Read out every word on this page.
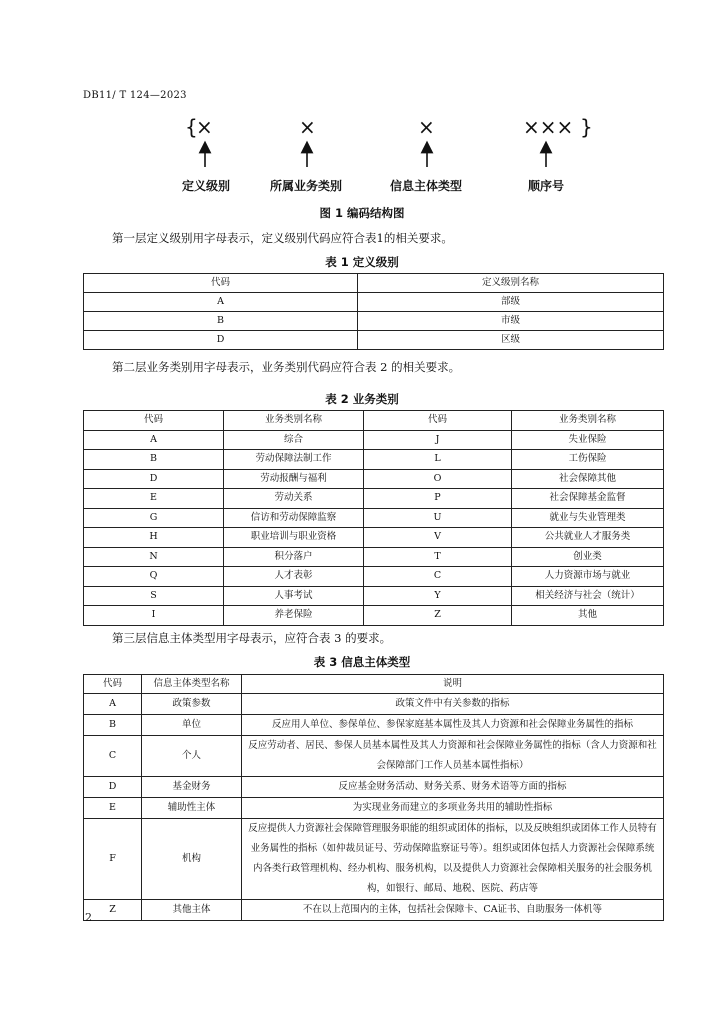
DB11/ T 124—2023
{
×	×	×	××× }
定义级别	所属业务类别	信息主体类型	顺序号
图 1 编码结构图
第一层定义级别用字母表示，定义级别代码应符合表1的相关要求。
表 1 定义级别
代码	定义级别名称
A	部级
B	市级
D	区级
第二层业务类别用字母表示，业务类别代码应符合表 2 的相关要求。
表 2 业务类别
代码	业务类别名称	代码	业务类别名称
A	综合	J	失业保险
B	劳动保障法制工作	L	工伤保险
D	劳动报酬与福利	O	社会保障其他
E	劳动关系	P	社会保障基金监督
G	信访和劳动保障监察	U	就业与失业管理类
H	职业培训与职业资格	V	公共就业人才服务类
N	积分落户	T	创业类
Q	人才表彰	C	人力资源市场与就业
S	人事考试	Y	相关经济与社会（统计）
I	养老保险	Z	其他
第三层信息主体类型用字母表示，应符合表 3 的要求。
表 3 信息主体类型
代码	信息主体类型名称	说明
A	政策参数	政策文件中有关参数的指标
B	单位	反应用人单位、参保单位、参保家庭基本属性及其人力资源和社会保障业务属性的指标
C	个人	反应劳动者、居民、参保人员基本属性及其人力资源和社会保障业务属性的指标（含人力资源和社会保障部门工作人员基本属性指标）
D	基金财务	反应基金财务活动、财务关系、财务术语等方面的指标
E	辅助性主体	为实现业务而建立的多项业务共用的辅助性指标
F	机构	反应提供人力资源社会保障管理服务职能的组织或团体的指标，以及反映组织或团体工作人员特有业务属性的指标（如仲裁员证号、劳动保障监察证号等）。组织或团体包括人力资源社会保障系统内各类行政管理机构、经办机构、服务机构，以及提供人力资源社会保障相关服务的社会服务机构，如银行、邮局、地税、医院、药店等
Z	其他主体	不在以上范围内的主体，包括社会保障卡、CA证书、自助服务一体机等
2
